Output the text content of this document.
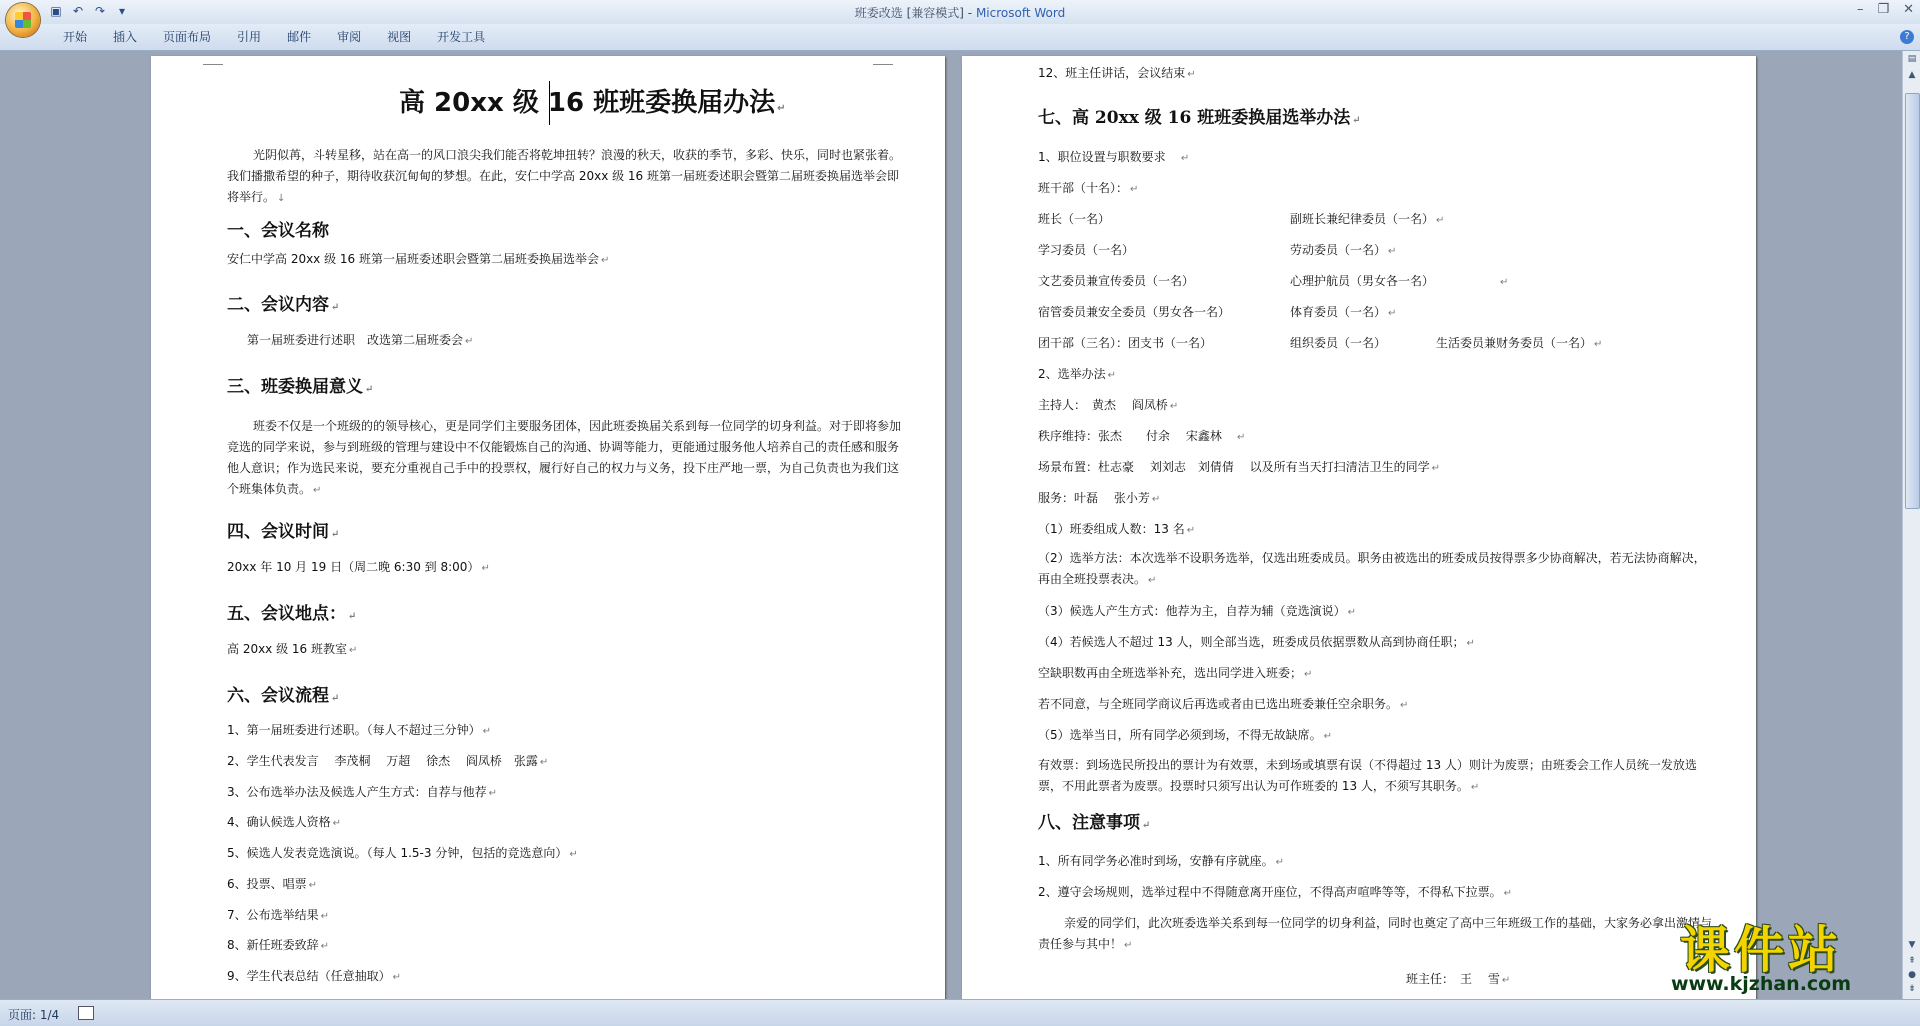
▣ ↶ ↷	▾	班委改选 [兼容模式] - Microsoft Word	– ❐ ✕
开始	插入	页面布局	引用	邮件	审阅	视图	开发工具	?
高 20xx 级 16 班班委换届办法 ↵
光阴似苒，斗转星移，站在高一的风口浪尖我们能否将乾坤扭转？浪漫的秋天，收获的季节，多彩、快乐，同时也紧张着。我们播撒希望的种子，期待收获沉甸甸的梦想。在此，安仁中学高 20xx 级 16 班第一届班委述职会暨第二届班委换届选举会即将举行。 ↓
一、会议名称
安仁中学高 20xx 级 16 班第一届班委述职会暨第二届班委换届选举会 ↵
二、会议内容 ↵
第一届班委进行述职　改选第二届班委会 ↵
三、班委换届意义 ↵
班委不仅是一个班级的的领导核心，更是同学们主要服务团体，因此班委换届关系到每一位同学的切身利益。对于即将参加竞选的同学来说，参与到班级的管理与建设中不仅能锻炼自己的沟通、协调等能力，更能通过服务他人培养自己的责任感和服务他人意识；作为选民来说，要充分重视自己手中的投票权，履行好自己的权力与义务，投下庄严地一票，为自己负责也为我们这个班集体负责。 ↵
四、会议时间 ↵
20xx 年 10 月 19 日（周二晚 6:30 到 8:00） ↵
五、会议地点： ↵
高 20xx 级 16 班教室 ↵
六、会议流程 ↵
1、第一届班委进行述职。（每人不超过三分钟） ↵
2、学生代表发言　 李茂桐　 万超　 徐杰　 阎凤桥　张露 ↵
3、公布选举办法及候选人产生方式：自荐与他荐 ↵
4、确认候选人资格 ↵
5、候选人发表竞选演说。（每人 1.5-3 分钟，包括的竞选意向） ↵
6、投票、唱票 ↵
7、公布选举结果 ↵
8、新任班委致辞 ↵
9、学生代表总结（任意抽取） ↵
12、班主任讲话，会议结束 ↵
七、高 20xx 级 16 班班委换届选举办法 ↵
1、职位设置与职数要求　 ↵
班干部（十名）： ↵
班长（一名）	副班长兼纪律委员（一名） ↵
学习委员（一名）	劳动委员（一名） ↵
文艺委员兼宣传委员（一名）	心理护航员（男女各一名）　　　　　　　↵
宿管委员兼安全委员（男女各一名）	体育委员（一名） ↵
团干部（三名）：团支书（一名）	组织委员（一名）	生活委员兼财务委员（一名） ↵
2、选举办法 ↵
主持人：　黄杰　 阎凤桥 ↵
秩序维持：张杰　　付余　 宋鑫林　 ↵
场景布置：杜志豪　 刘刘志　刘倩倩　 以及所有当天打扫清洁卫生的同学 ↵
服务：叶磊　 张小芳 ↵
（1）班委组成人数：13 名 ↵
（2）选举方法：本次选举不设职务选举，仅选出班委成员。职务由被选出的班委成员按得票多少协商解决，若无法协商解决，再由全班投票表决。 ↵
（3）候选人产生方式：他荐为主，自荐为辅（竞选演说） ↵
（4）若候选人不超过 13 人，则全部当选，班委成员依据票数从高到协商任职； ↵
空缺职数再由全班选举补充，选出同学进入班委； ↵
若不同意，与全班同学商议后再选或者由已选出班委兼任空余职务。 ↵
（5）选举当日，所有同学必须到场，不得无故缺席。 ↵
有效票：到场选民所投出的票计为有效票，未到场或填票有误（不得超过 13 人）则计为废票；由班委会工作人员统一发放选票，不用此票者为废票。投票时只须写出认为可作班委的 13 人，不须写其职务。 ↵
八、注意事项 ↵
1、所有同学务必准时到场，安静有序就座。 ↵
2、遵守会场规则，选举过程中不得随意离开座位，不得高声喧哗等等，不得私下拉票。 ↵
亲爱的同学们，此次班委选举关系到每一位同学的切身利益，同时也奠定了高中三年班级工作的基础，大家务必拿出激情与责任参与其中！ ↵
班主任：　王　 雪 ↵
课件站
www.kjzhan.com
▤
▲
▼
⇞
●
⇟
页面: 1/4
